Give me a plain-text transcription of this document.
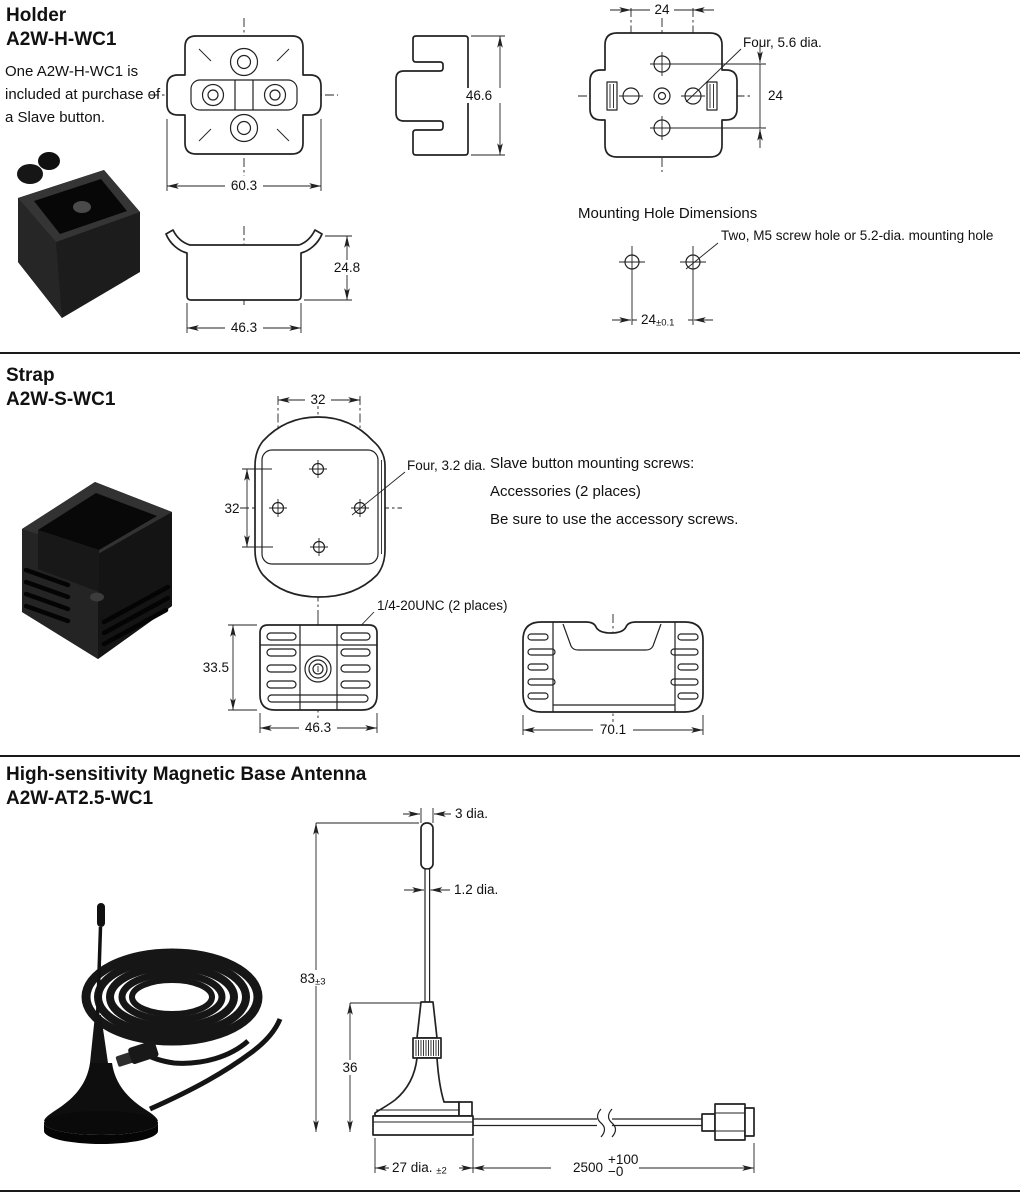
Holder
A2W-H-WC1
One A2W-H-WC1 is included at purchase of a Slave button.
60.3
46.6
24
24
Four, 5.6 dia.
Mounting Hole Dimensions
Two, M5 screw hole or 5.2-dia. mounting hole
24±0.1
24.8
46.3
Strap
A2W-S-WC1
Slave button mounting screws:
Accessories (2 places)
Be sure to use the accessory screws.
32
32
Four, 3.2 dia.
1/4-20UNC (2 places)
33.5
46.3	70.1
High-sensitivity Magnetic Base Antenna
A2W-AT2.5-WC1
3 dia.
1.2 dia.
83±3
36
27 dia. ±2	2500
+100
−0
